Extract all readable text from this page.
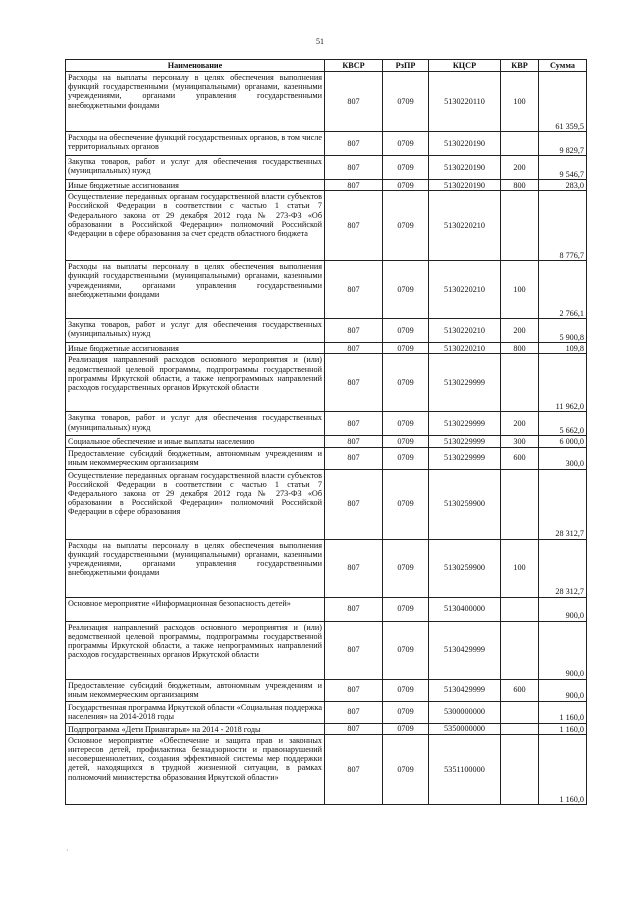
51
Наименование	КВСР	РзПР	КЦСР	КВР	Сумма
Расходы на выплаты персоналу в целях обеспечения выполнения функций государственными (муниципальными) органами, казенными учреждениями, органами управления государственными внебюджетными фондами	807	0709	5130220110	100	61 359,5
Расходы на обеспечение функций государственных органов, в том числе территориальных органов	807	0709	5130220190		9 829,7
Закупка товаров, работ и услуг для обеспечения государственных (муниципальных) нужд	807	0709	5130220190	200	9 546,7
Иные бюджетные ассигнования	807	0709	5130220190	800	283,0
Осуществление переданных органам государственной власти субъектов Российской Федерации в соответствии с частью 1 статьи 7 Федерального закона от 29 декабря 2012 года № 273-ФЗ «Об образовании в Российской Федерации» полномочий Российской Федерации в сфере образования за счет средств областного бюджета	807	0709	5130220210		8 776,7
Расходы на выплаты персоналу в целях обеспечения выполнения функций государственными (муниципальными) органами, казенными учреждениями, органами управления государственными внебюджетными фондами	807	0709	5130220210	100	2 766,1
Закупка товаров, работ и услуг для обеспечения государственных (муниципальных) нужд	807	0709	5130220210	200	5 900,8
Иные бюджетные ассигнования	807	0709	5130220210	800	109,8
Реализация направлений расходов основного мероприятия и (или) ведомственной целевой программы, подпрограммы государственной программы Иркутской области, а также непрограммных направлений расходов государственных органов Иркутской области	807	0709	5130229999		11 962,0
Закупка товаров, работ и услуг для обеспечения государственных (муниципальных) нужд	807	0709	5130229999	200	5 662,0
Социальное обеспечение и иные выплаты населению	807	0709	5130229999	300	6 000,0
Предоставление субсидий бюджетным, автономным учреждениям и иным некоммерческим организациям	807	0709	5130229999	600	300,0
Осуществление переданных органам государственной власти субъектов Российской Федерации в соответствии с частью 1 статьи 7 Федерального закона от 29 декабря 2012 года № 273-ФЗ «Об образовании в Российской Федерации» полномочий Российской Федерации в сфере образования	807	0709	5130259900		28 312,7
Расходы на выплаты персоналу в целях обеспечения выполнения функций государственными (муниципальными) органами, казенными учреждениями, органами управления государственными внебюджетными фондами	807	0709	5130259900	100	28 312,7
Основное мероприятие «Информационная безопасность детей»	807	0709	5130400000		900,0
Реализация направлений расходов основного мероприятия и (или) ведомственной целевой программы, подпрограммы государственной программы Иркутской области, а также непрограммных направлений расходов государственных органов Иркутской области	807	0709	5130429999		900,0
Предоставление субсидий бюджетным, автономным учреждениям и иным некоммерческим организациям	807	0709	5130429999	600	900,0
Государственная программа Иркутской области «Социальная поддержка населения» на 2014-2018 годы	807	0709	5300000000		1 160,0
Подпрограмма «Дети Приангарья» на 2014 - 2018 годы	807	0709	5350000000		1 160,0
Основное мероприятие «Обеспечение и защита прав и законных интересов детей, профилактика безнадзорности и правонарушений несовершеннолетних, создания эффективной системы мер поддержки детей, находящихся в трудной жизненной ситуации, в рамках полномочий министерства образования Иркутской области»	807	0709	5351100000		1 160,0
·
